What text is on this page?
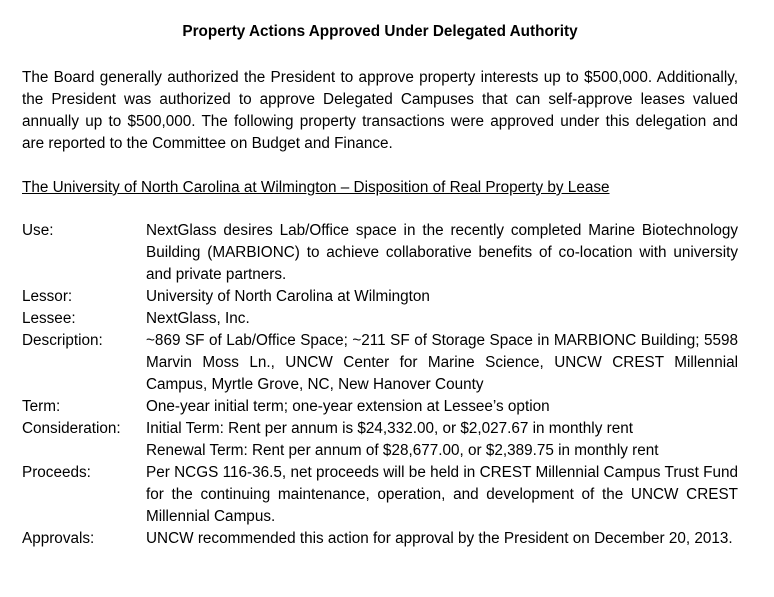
Property Actions Approved Under Delegated Authority

The Board generally authorized the President to approve property interests up to $500,000. Additionally, the President was authorized to approve Delegated Campuses that can self-approve leases valued annually up to $500,000. The following property transactions were approved under this delegation and are reported to the Committee on Budget and Finance.

The University of North Carolina at Wilmington – Disposition of Real Property by Lease
Use:	NextGlass desires Lab/Office space in the recently completed Marine Biotechnology Building (MARBIONC) to achieve collaborative benefits of co-location with university and private partners.
Lessor:	University of North Carolina at Wilmington
Lessee:	NextGlass, Inc.
Description:	~869 SF of Lab/Office Space; ~211 SF of Storage Space in MARBIONC Building; 5598 Marvin Moss Ln., UNCW Center for Marine Science, UNCW CREST Millennial Campus, Myrtle Grove, NC, New Hanover County
Term:	One-year initial term; one-year extension at Lessee’s option
Consideration:	Initial Term: Rent per annum is $24,332.00, or $2,027.67 in monthly rent
Renewal Term: Rent per annum of $28,677.00, or $2,389.75 in monthly rent
Proceeds:	Per NCGS 116-36.5, net proceeds will be held in CREST Millennial Campus Trust Fund for the continuing maintenance, operation, and development of the UNCW CREST Millennial Campus.
Approvals:	UNCW recommended this action for approval by the President on December 20, 2013.
